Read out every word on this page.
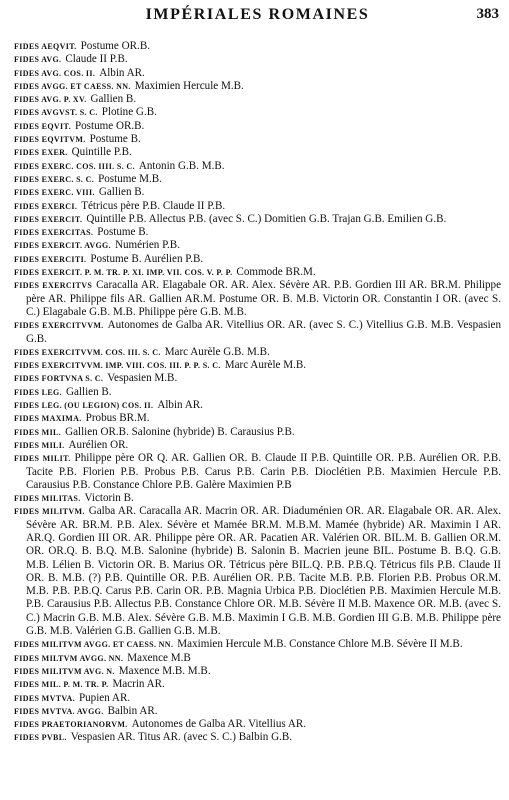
IMPÉRIALES ROMAINES	383
FIDES AEQVIT. Postume OR.B.
FIDES AVG. Claude II P.B.
FIDES AVG. COS. II. Albin AR.
FIDES AVGG. ET CAESS. NN. Maximien Hercule M.B.
FIDES AVG. P. XV. Gallien B.
FIDES AVGVST. S. C. Plotine G.B.
FIDES EQVIT. Postume OR.B.
FIDES EQVITVM. Postume B.
FIDES EXER. Quintille P.B.
FIDES EXERC. COS. IIII. S. C. Antonin G.B. M.B.
FIDES EXERC. S. C. Postume M.B.
FIDES EXERC. VIII. Gallien B.
FIDES EXERCI. Tétricus père P.B. Claude II P.B.
FIDES EXERCIT. Quintille P.B. Allectus P.B. (avec S. C.) Domitien G.B. Trajan G.B. Emilien G.B.
FIDES EXERCITAS. Postume B.
FIDES EXERCIT. AVGG. Numérien P.B.
FIDES EXERCITI. Postume B. Aurélien P.B.
FIDES EXERCIT. P. M. TR. P. XI. IMP. VII. COS. V. P. P. Commode BR.M.
FIDES EXERCITVS Caracalla AR. Elagabale OR. AR. Alex. Sévère AR. P.B. Gordien III AR. BR.M. Philippe père AR. Philippe fils AR. Gallien AR.M. Postume OR. B. M.B. Victorin OR. Constantin I OR. (avec S. C.) Elagabale G.B. M.B. Philippe père G.B. M.B.
FIDES EXERCITVVM. Autonomes de Galba AR. Vitellius OR. AR. (avec S. C.) Vitellius G.B. M.B. Vespasien G.B.
FIDES EXERCITVVM. COS. III. S. C. Marc Aurèle G.B. M.B.
FIDES EXERCITVVM. IMP. VIII. COS. III. P. P. S. C. Marc Aurèle M.B.
FIDES FORTVNA S. C. Vespasien M.B.
FIDES LEG. Gallien B.
FIDES LEG. (OU LEGION) COS. II. Albin AR.
FIDES MAXIMA. Probus BR.M.
FIDES MIL. Gallien OR.B. Salonine (hybride) B. Carausius P.B.
FIDES MILI. Aurélien OR.
FIDES MILIT. Philippe père OR Q. AR. Gallien OR. B. Claude II P.B. Quintille OR. P.B. Aurélien OR. P.B. Tacite P.B. Florien P.B. Probus P.B. Carus P.B. Carin P.B. Dioclétien P.B. Maximien Hercule P.B. Carausius P.B. Constance Chlore P.B. Galère Maximien P.B
FIDES MILITAS. Victorin B.
FIDES MILITVM. Galba AR. Caracalla AR. Macrin OR. AR. Diaduménien OR. AR. Elagabale OR. AR. Alex. Sévère AR. BR.M. P.B. Alex. Sévère et Mamée BR.M. M.B.M. Mamée (hybride) AR. Maximin I AR. AR.Q. Gordien III OR. AR. Philippe père OR. AR. Pacatien AR. Valérien OR. BIL.M. B. Gallien OR.M. OR. OR.Q. B. B.Q. M.B. Salonine (hybride) B. Salonin B. Macrien jeune BIL. Postume B. B.Q. G.B. M.B. Lélien B. Victorin OR. B. Marius OR. Tétricus père BIL.Q. P.B. P.B.Q. Tétricus fils P.B. Claude II OR. B. M.B. (?) P.B. Quintille OR. P.B. Aurélien OR. P.B. Tacite M.B. P.B. Florien P.B. Probus OR.M. M.B. P.B. P.B.Q. Carus P.B. Carin OR. P.B. Magnia Urbica P.B. Dioclétien P.B. Maximien Hercule M.B. P.B. Carausius P.B. Allectus P.B. Constance Chlore OR. M.B. Sévère II M.B. Maxence OR. M.B. (avec S. C.) Macrin G.B. M.B. Alex. Sévère G.B. M.B. Maximin I G.B. M.B. Gordien III G.B. M.B. Philippe père G.B. M.B. Valérien G.B. Gallien G.B. M.B.
FIDES MILITVM AVGG. ET CAESS. NN. Maximien Hercule M.B. Constance Chlore M.B. Sévère II M.B.
FIDES MILTVM AVGG. NN. Maxence M.B
FIDES MILITVM AVG. N. Maxence M.B. M.B.
FIDES MIL. P. M. TR. P. Macrin AR.
FIDES MVTVA. Pupien AR.
FIDES MVTVA. AVGG. Balbin AR.
FIDES PRAETORIANORVM. Autonomes de Galba AR. Vitellius AR.
FIDES PVBL. Vespasien AR. Titus AR. (avec S. C.) Balbin G.B.
